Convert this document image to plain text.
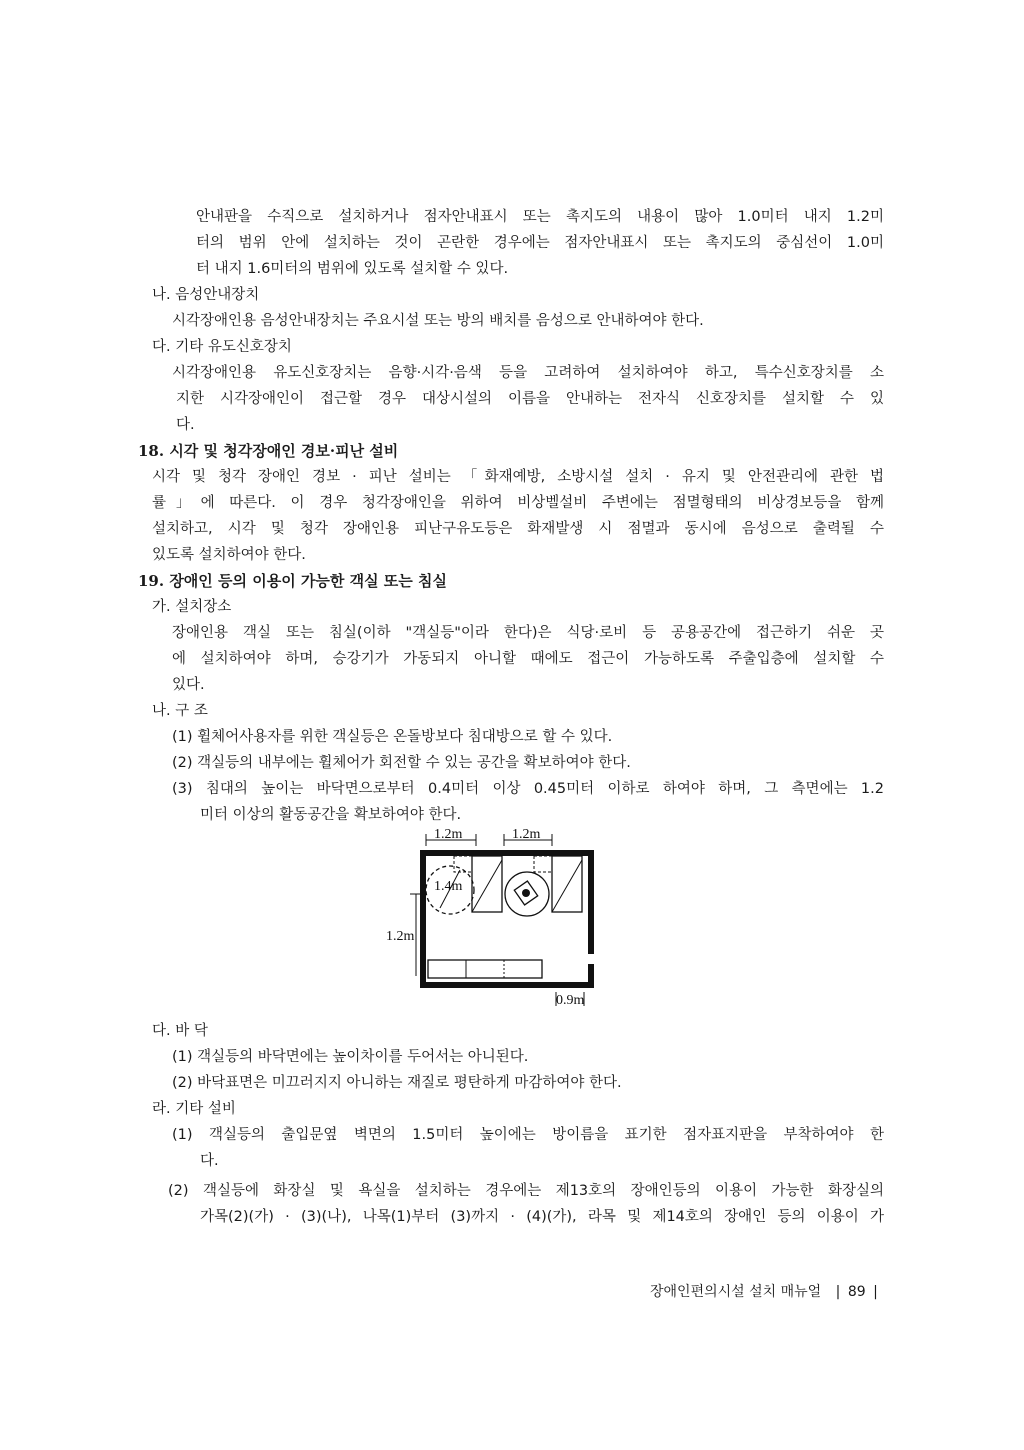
안내판을 수직으로 설치하거나 점자안내표시 또는 촉지도의 내용이 많아 1.0미터 내지 1.2미
터의 범위 안에 설치하는 것이 곤란한 경우에는 점자안내표시 또는 촉지도의 중심선이 1.0미
터 내지 1.6미터의 범위에 있도록 설치할 수 있다.
나. 음성안내장치
시각장애인용 음성안내장치는 주요시설 또는 방의 배치를 음성으로 안내하여야 한다.
다. 기타 유도신호장치
시각장애인용 유도신호장치는 음향·시각·음색 등을 고려하여 설치하여야 하고, 특수신호장치를 소
지한 시각장애인이 접근할 경우 대상시설의 이름을 안내하는 전자식 신호장치를 설치할 수 있
다.
18. 시각 및 청각장애인 경보·피난 설비
시각 및 청각 장애인 경보 · 피난 설비는 「화재예방, 소방시설 설치 · 유지 및 안전관리에 관한 법
률」에 따른다. 이 경우 청각장애인을 위하여 비상벨설비 주변에는 점멸형태의 비상경보등을 함께
설치하고, 시각 및 청각 장애인용 피난구유도등은 화재발생 시 점멸과 동시에 음성으로 출력될 수
있도록 설치하여야 한다.
19. 장애인 등의 이용이 가능한 객실 또는 침실
가. 설치장소
장애인용 객실 또는 침실(이하 "객실등"이라 한다)은 식당·로비 등 공용공간에 접근하기 쉬운 곳
에 설치하여야 하며, 승강기가 가동되지 아니할 때에도 접근이 가능하도록 주출입층에 설치할 수
있다.
나. 구 조
(1) 휠체어사용자를 위한 객실등은 온돌방보다 침대방으로 할 수 있다.
(2) 객실등의 내부에는 휠체어가 회전할 수 있는 공간을 확보하여야 한다.
(3) 침대의 높이는 바닥면으로부터 0.4미터 이상 0.45미터 이하로 하여야 하며, 그 측면에는 1.2
미터 이상의 활동공간을 확보하여야 한다.
1.2m	1.2m
1.4m
1.2m
0.9m
다. 바 닥
(1) 객실등의 바닥면에는 높이차이를 두어서는 아니된다.
(2) 바닥표면은 미끄러지지 아니하는 재질로 평탄하게 마감하여야 한다.
라. 기타 설비
(1) 객실등의 출입문옆 벽면의 1.5미터 높이에는 방이름을 표기한 점자표지판을 부착하여야 한
다.
(2) 객실등에 화장실 및 욕실을 설치하는 경우에는 제13호의 장애인등의 이용이 가능한 화장실의
가목(2)(가) · (3)(나), 나목(1)부터 (3)까지 · (4)(가), 라목 및 제14호의 장애인 등의 이용이 가
장애인편의시설 설치 매뉴얼 | 89 |
